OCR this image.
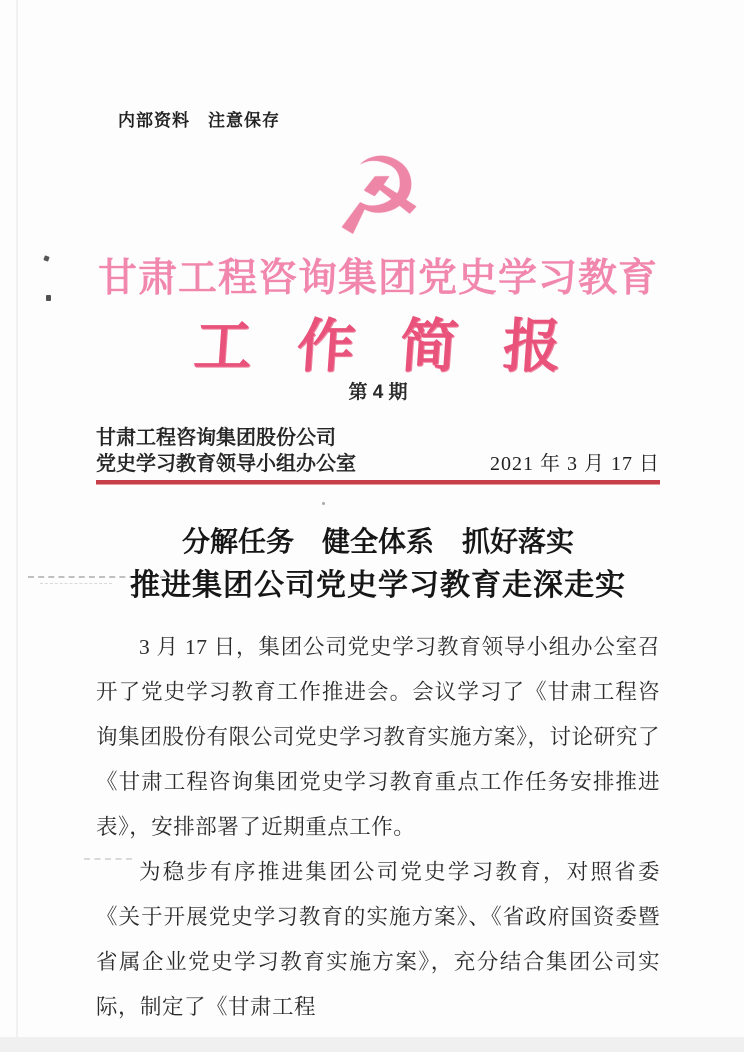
内部资料　注意保存
☭
甘肃工程咨询集团党史学习教育
工作简报
第 4 期
甘肃工程咨询集团股份公司
党史学习教育领导小组办公室	2021 年 3 月 17 日
分解任务　健全体系　抓好落实
推进集团公司党史学习教育走深走实

3 月 17 日，集团公司党史学习教育领导小组办公室召开了党史学习教育工作推进会。会议学习了《甘肃工程咨询集团股份有限公司党史学习教育实施方案》，讨论研究了《甘肃工程咨询集团党史学习教育重点工作任务安排推进表》，安排部署了近期重点工作。

为稳步有序推进集团公司党史学习教育，对照省委《关于开展党史学习教育的实施方案》、《省政府国资委暨省属企业党史学习教育实施方案》，充分结合集团公司实际，制定了《甘肃工程
